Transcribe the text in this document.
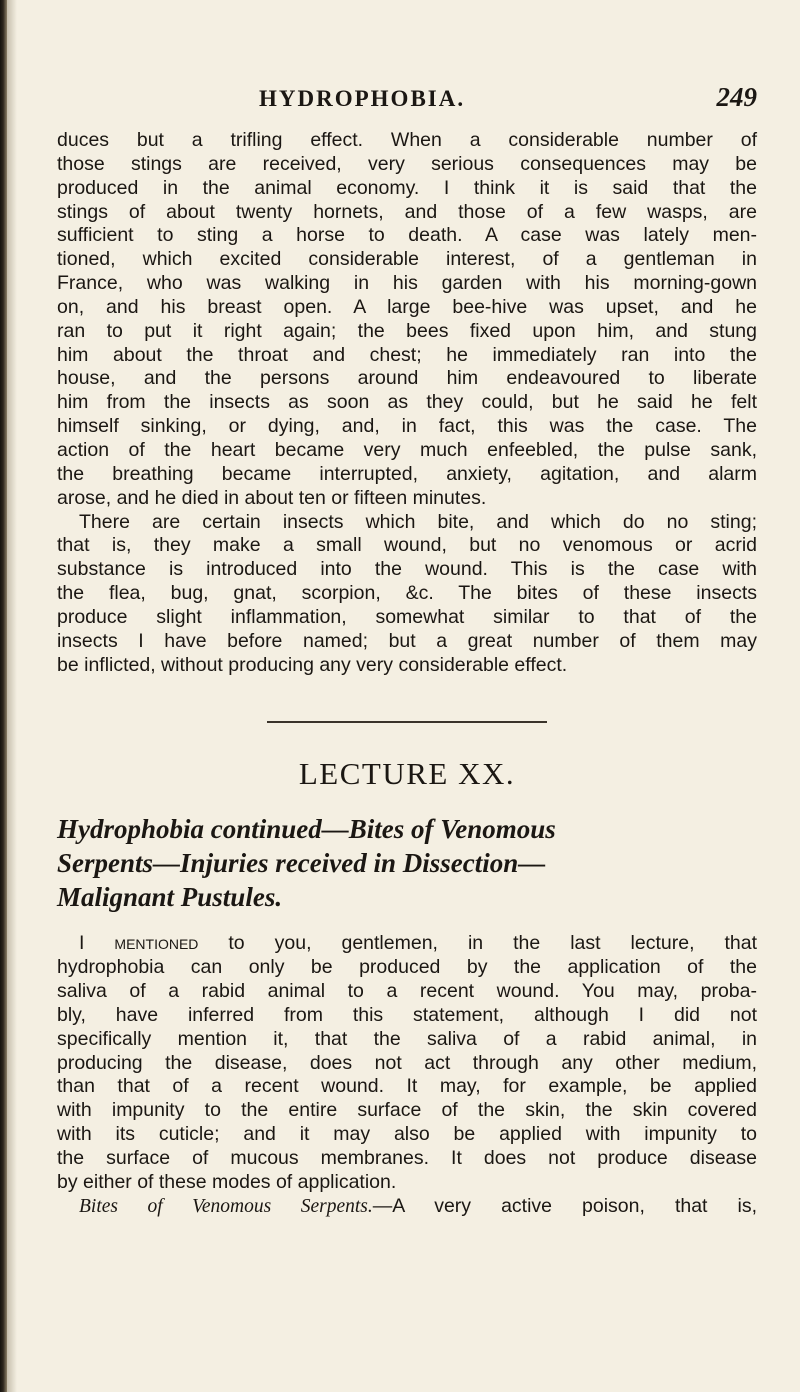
HYDROPHOBIA.	249
duces but a trifling effect. When a considerable number of
those stings are received, very serious consequences may be
produced in the animal economy. I think it is said that the
stings of about twenty hornets, and those of a few wasps, are
sufficient to sting a horse to death. A case was lately men-
tioned, which excited considerable interest, of a gentleman in
France, who was walking in his garden with his morning-gown
on, and his breast open. A large bee-hive was upset, and he
ran to put it right again; the bees fixed upon him, and stung
him about the throat and chest; he immediately ran into the
house, and the persons around him endeavoured to liberate
him from the insects as soon as they could, but he said he felt
himself sinking, or dying, and, in fact, this was the case. The
action of the heart became very much enfeebled, the pulse sank,
the breathing became interrupted, anxiety, agitation, and alarm
arose, and he died in about ten or fifteen minutes.
There are certain insects which bite, and which do no sting;
that is, they make a small wound, but no venomous or acrid
substance is introduced into the wound. This is the case with
the flea, bug, gnat, scorpion, &c. The bites of these insects
produce slight inflammation, somewhat similar to that of the
insects I have before named; but a great number of them may
be inflicted, without producing any very considerable effect.
LECTURE XX.
Hydrophobia continued—Bites of Venomous
Serpents—Injuries received in Dissection—
Malignant Pustules.
I mentioned to you, gentlemen, in the last lecture, that
hydrophobia can only be produced by the application of the
saliva of a rabid animal to a recent wound. You may, proba-
bly, have inferred from this statement, although I did not
specifically mention it, that the saliva of a rabid animal, in
producing the disease, does not act through any other medium,
than that of a recent wound. It may, for example, be applied
with impunity to the entire surface of the skin, the skin covered
with its cuticle; and it may also be applied with impunity to
the surface of mucous membranes. It does not produce disease
by either of these modes of application.
Bites of Venomous Serpents.—A very active poison, that is,
